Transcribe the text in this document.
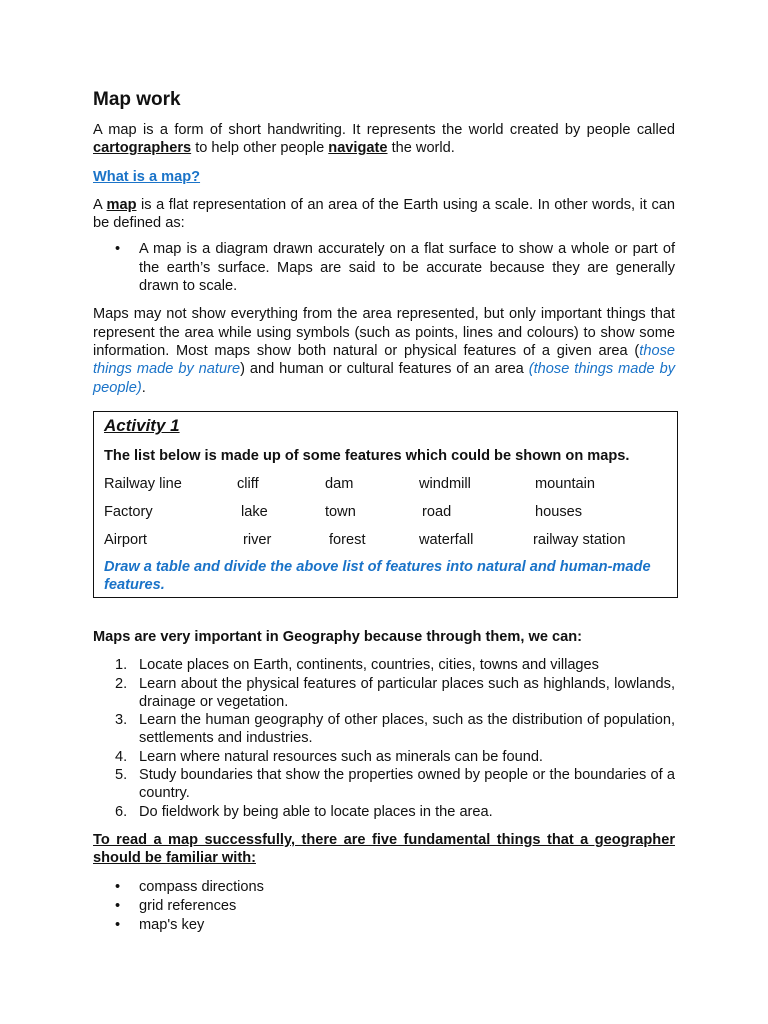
Map work

A map is a form of short handwriting. It represents the world created by people called cartographers to help other people navigate the world.

What is a map?

A map is a flat representation of an area of the Earth using a scale. In other words, it can be defined as:

• A map is a diagram drawn accurately on a flat surface to show a whole or part of the earth’s surface. Maps are said to be accurate because they are generally drawn to scale.

Maps may not show everything from the area represented, but only important things that represent the area while using symbols (such as points, lines and colours) to show some information. Most maps show both natural or physical features of a given area (those things made by nature) and human or cultural features of an area (those things made by people).

Activity 1
The list below is made up of some features which could be shown on maps.
Railway line	cliff	dam	windmill	mountain
Factory	lake	town	road	houses
Airport	river	forest	waterfall	railway station
Draw a table and divide the above list of features into natural and human-made features.

Maps are very important in Geography because through them, we can:

1. Locate places on Earth, continents, countries, cities, towns and villages
2. Learn about the physical features of particular places such as highlands, lowlands, drainage or vegetation.
3. Learn the human geography of other places, such as the distribution of population, settlements and industries.
4. Learn where natural resources such as minerals can be found.
5. Study boundaries that show the properties owned by people or the boundaries of a country.
6. Do fieldwork by being able to locate places in the area.

To read a map successfully, there are five fundamental things that a geographer should be familiar with:

• compass directions
• grid references
• map's key
